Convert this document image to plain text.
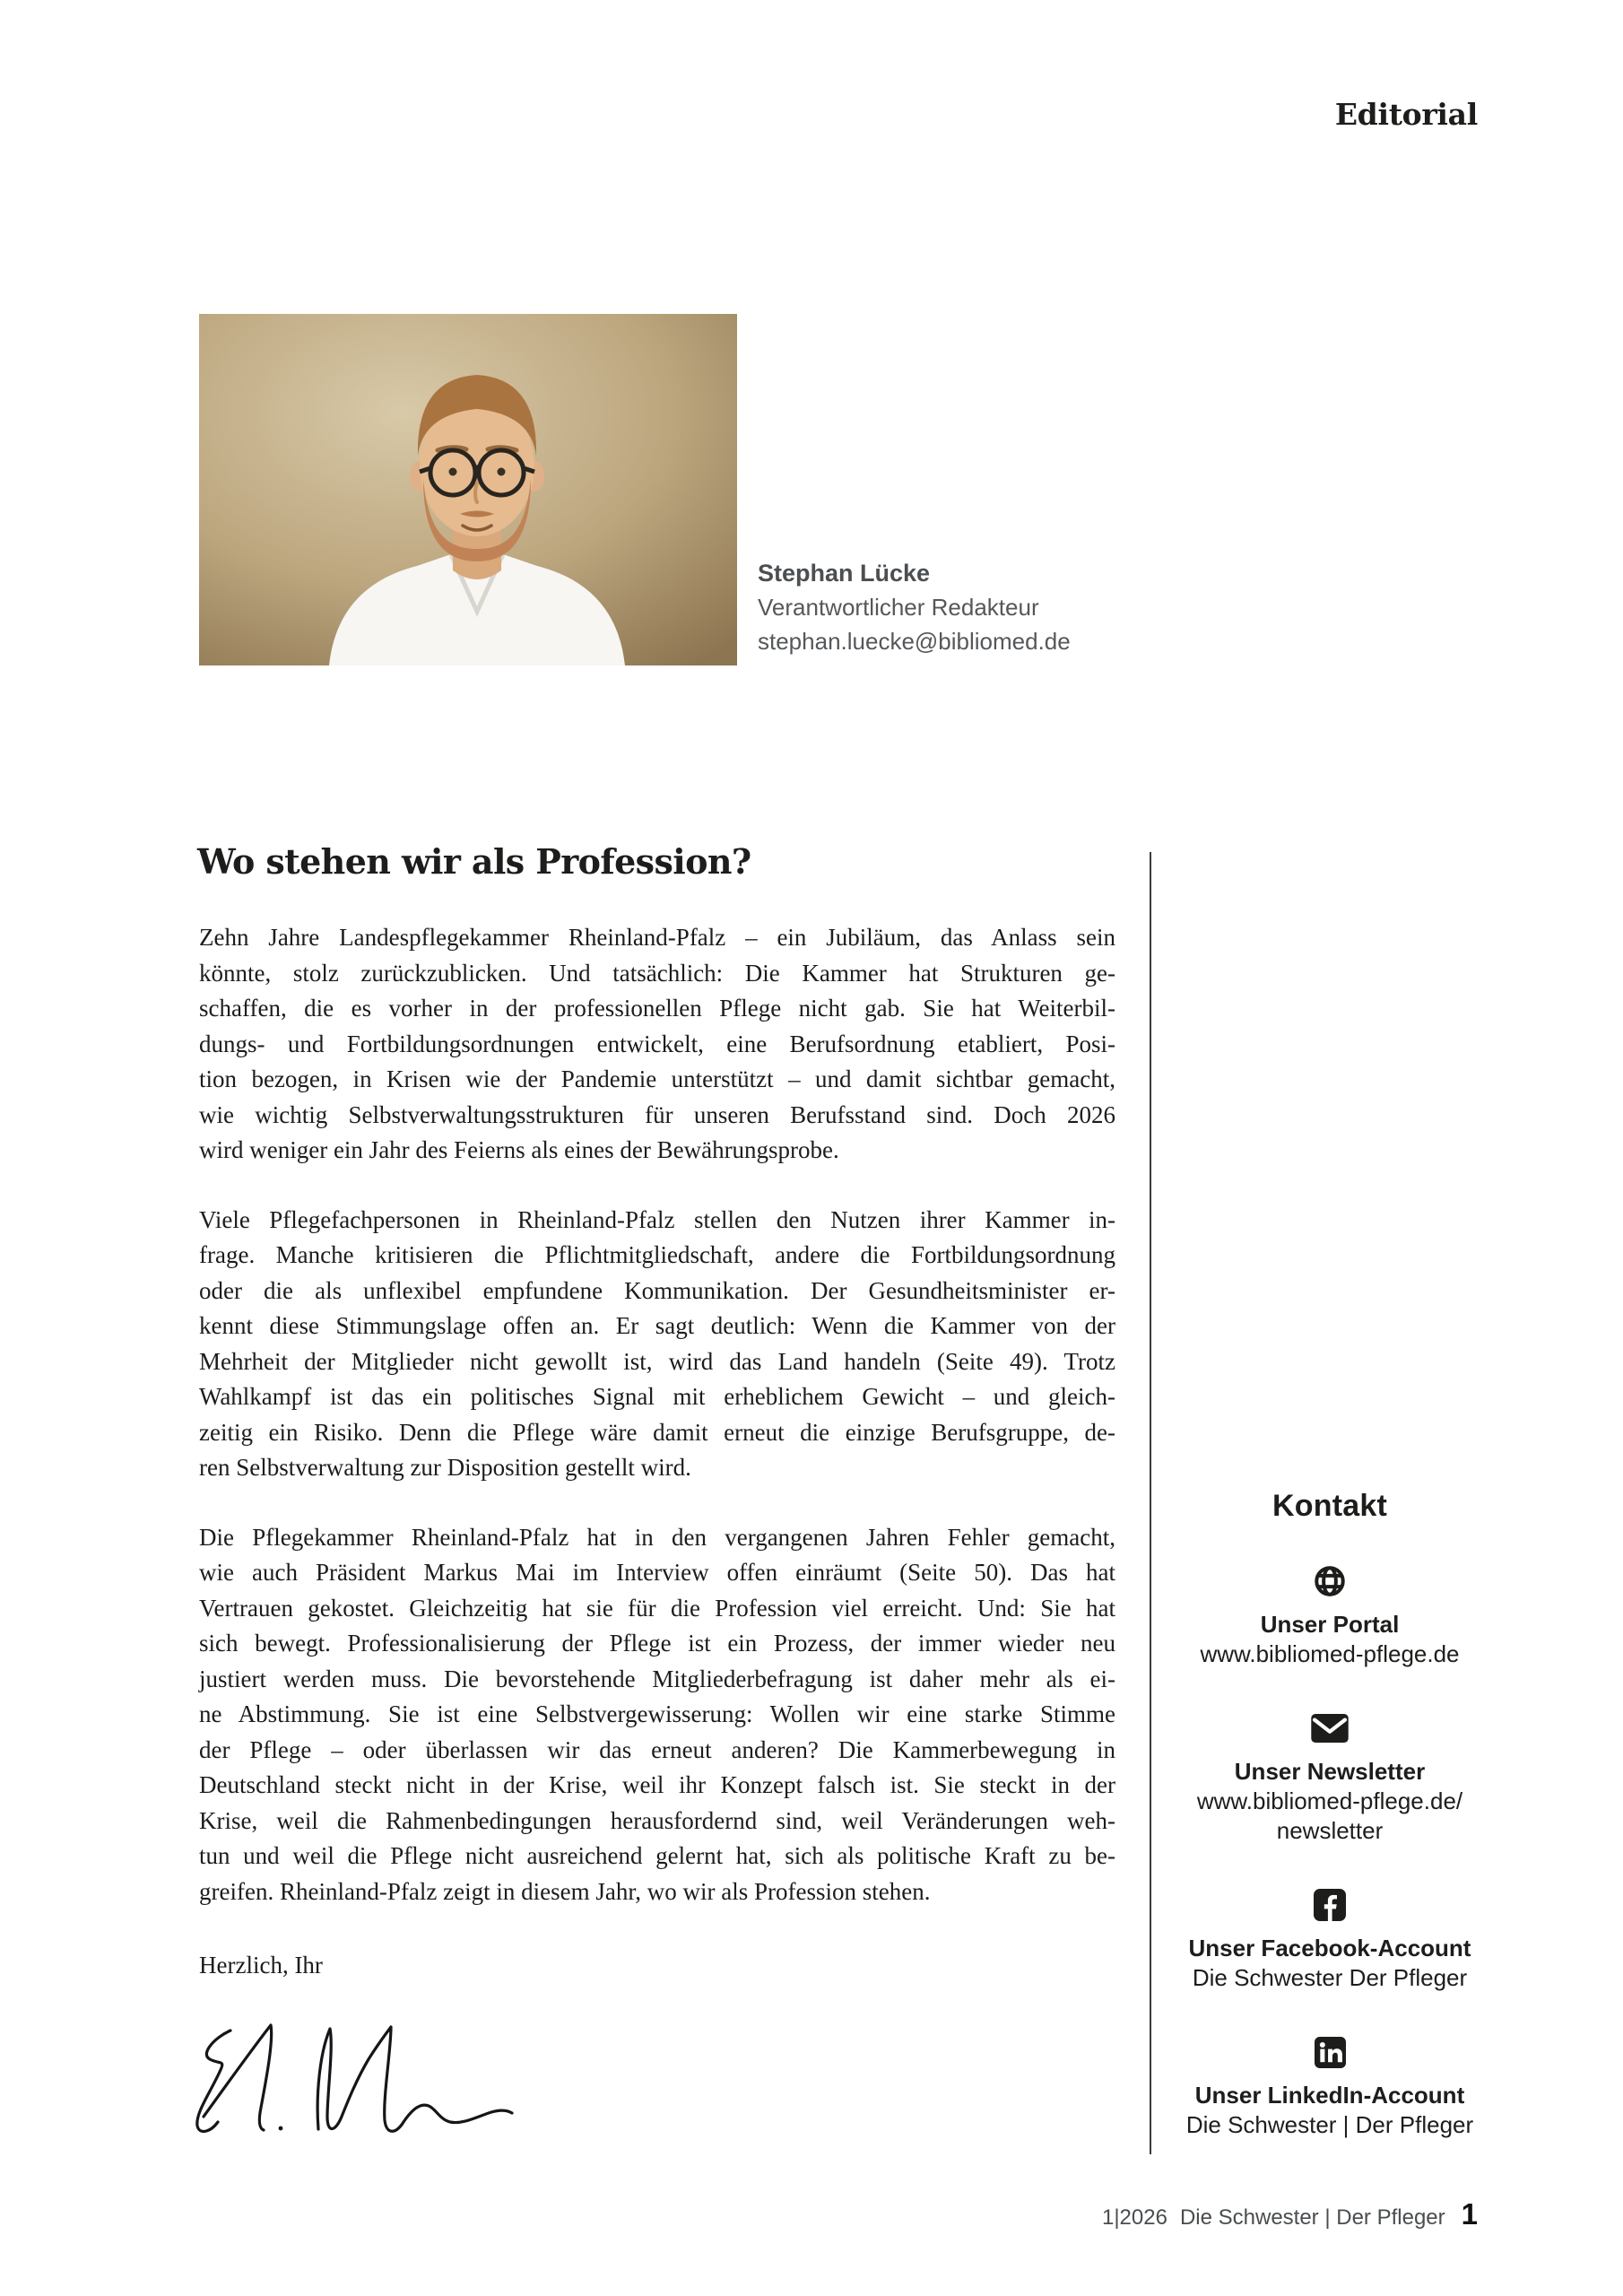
Editorial
Stephan Lücke
Verantwortlicher Redakteur
stephan.luecke@bibliomed.de
Wo stehen wir als Profession?

Zehn Jahre Landespflegekammer Rheinland-Pfalz – ein Jubiläum, das Anlass sein
könnte, stolz zurückzublicken. Und tatsächlich: Die Kammer hat Strukturen ge-
schaffen, die es vorher in der professionellen Pflege nicht gab. Sie hat Weiterbil-
dungs- und Fortbildungsordnungen entwickelt, eine Berufsordnung etabliert, Posi-
tion bezogen, in Krisen wie der Pandemie unterstützt – und damit sichtbar gemacht,
wie wichtig Selbstverwaltungsstrukturen für unseren Berufsstand sind. Doch 2026
wird weniger ein Jahr des Feierns als eines der Bewährungsprobe.

Viele Pflegefachpersonen in Rheinland-Pfalz stellen den Nutzen ihrer Kammer in-
frage. Manche kritisieren die Pflichtmitgliedschaft, andere die Fortbildungsordnung
oder die als unflexibel empfundene Kommunikation. Der Gesundheitsminister er-
kennt diese Stimmungslage offen an. Er sagt deutlich: Wenn die Kammer von der
Mehrheit der Mitglieder nicht gewollt ist, wird das Land handeln (Seite 49). Trotz
Wahlkampf ist das ein politisches Signal mit erheblichem Gewicht – und gleich-
zeitig ein Risiko. Denn die Pflege wäre damit erneut die einzige Berufsgruppe, de-
ren Selbstverwaltung zur Disposition gestellt wird.

Die Pflegekammer Rheinland-Pfalz hat in den vergangenen Jahren Fehler gemacht,
wie auch Präsident Markus Mai im Interview offen einräumt (Seite 50). Das hat
Vertrauen gekostet. Gleichzeitig hat sie für die Profession viel erreicht. Und: Sie hat
sich bewegt. Professionalisierung der Pflege ist ein Prozess, der immer wieder neu
justiert werden muss. Die bevorstehende Mitgliederbefragung ist daher mehr als ei-
ne Abstimmung. Sie ist eine Selbstvergewisserung: Wollen wir eine starke Stimme
der Pflege – oder überlassen wir das erneut anderen? Die Kammerbewegung in
Deutschland steckt nicht in der Krise, weil ihr Konzept falsch ist. Sie steckt in der
Krise, weil die Rahmenbedingungen herausfordernd sind, weil Veränderungen weh-
tun und weil die Pflege nicht ausreichend gelernt hat, sich als politische Kraft zu be-
greifen. Rheinland-Pfalz zeigt in diesem Jahr, wo wir als Profession stehen.

Herzlich, Ihr
Kontakt
Unser Portal
www.bibliomed-pflege.de
Unser Newsletter
www.bibliomed-pflege.de/
newsletter
Unser Facebook-Account
Die Schwester Der Pfleger
Unser LinkedIn-Account
Die Schwester | Der Pfleger
1|2026 Die Schwester | Der Pfleger 1
